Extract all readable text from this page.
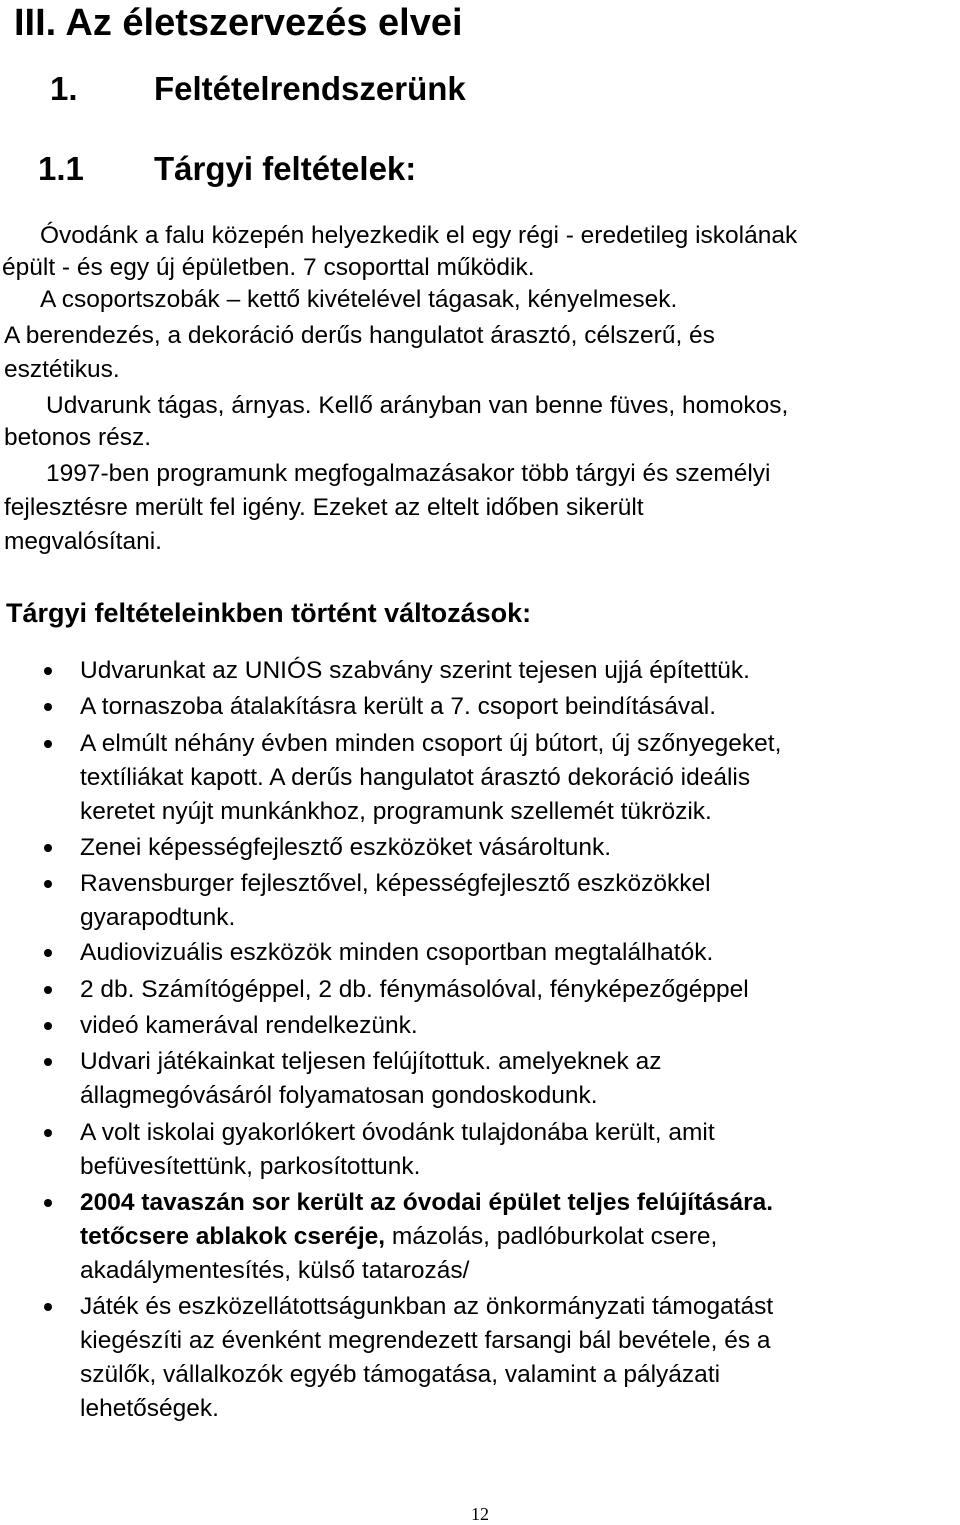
III. Az életszervezés elvei
1. Feltételrendszerünk
1.1 Tárgyi feltételek:
Óvodánk a falu közepén helyezkedik el egy régi - eredetileg iskolának
épült - és egy új épületben. 7 csoporttal működik.
A csoportszobák – kettő kivételével tágasak, kényelmesek.
A berendezés, a dekoráció derűs hangulatot árasztó, célszerű, és
esztétikus.
Udvarunk tágas, árnyas. Kellő arányban van benne füves, homokos,
betonos rész.
1997-ben programunk megfogalmazásakor több tárgyi és személyi
fejlesztésre merült fel igény. Ezeket az eltelt időben sikerült
megvalósítani.
Tárgyi feltételeinkben történt változások:
Udvarunkat az UNIÓS szabvány szerint tejesen ujjá építettük.
A tornaszoba átalakításra került a 7. csoport beindításával.
A elmúlt néhány évben minden csoport új bútort, új szőnyegeket,
textíliákat kapott. A derűs hangulatot árasztó dekoráció ideális
keretet nyújt munkánkhoz, programunk szellemét tükrözik.
Zenei képességfejlesztő eszközöket vásároltunk.
Ravensburger fejlesztővel, képességfejlesztő eszközökkel
gyarapodtunk.
Audiovizuális eszközök minden csoportban megtalálhatók.
2 db. Számítógéppel, 2 db. fénymásolóval, fényképezőgéppel
videó kamerával rendelkezünk.
Udvari játékainkat teljesen felújítottuk. amelyeknek az
állagmegóvásáról folyamatosan gondoskodunk.
A volt iskolai gyakorlókert óvodánk tulajdonába került, amit
befüvesítettünk, parkosítottunk.
2004 tavaszán sor került az óvodai épület teljes felújítására.
tetőcsere ablakok cseréje, mázolás, padlóburkolat csere,
akadálymentesítés, külső tatarozás/
Játék és eszközellátottságunkban az önkormányzati támogatást
kiegészíti az évenként megrendezett farsangi bál bevétele, és a
szülők, vállalkozók egyéb támogatása, valamint a pályázati
lehetőségek.
12
